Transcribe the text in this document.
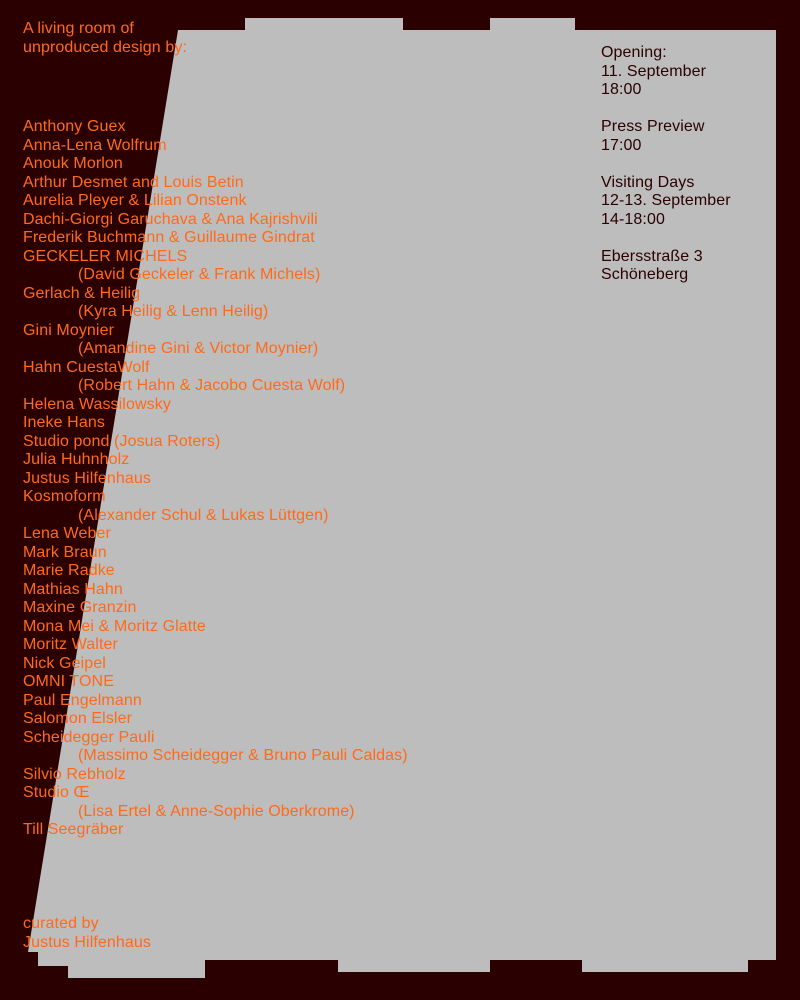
A living room of
unproduced design by:
Anthony Guex
Anna-Lena Wolfrum
Anouk Morlon
Arthur Desmet and Louis Betin
Aurelia Pleyer & Lilian Onstenk
Dachi-Giorgi Garuchava & Ana Kajrishvili
Frederik Buchmann & Guillaume Gindrat
GECKELER MICHELS
(David Geckeler & Frank Michels)
Gerlach & Heilig
(Kyra Heilig & Lenn Heilig)
Gini Moynier
(Amandine Gini & Victor Moynier)
Hahn CuestaWolf
(Robert Hahn & Jacobo Cuesta Wolf)
Helena Wassilowsky
Ineke Hans
Studio pond (Josua Roters)
Julia Huhnholz
Justus Hilfenhaus
Kosmoform
(Alexander Schul & Lukas Lüttgen)
Lena Weber
Mark Braun
Marie Radke
Mathias Hahn
Maxine Granzin
Mona Mei & Moritz Glatte
Moritz Walter
Nick Geipel
OMNI TONE
Paul Engelmann
Salomon Elsler
Scheidegger Pauli
(Massimo Scheidegger & Bruno Pauli Caldas)
Silvio Rebholz
Studio Œ
(Lisa Ertel & Anne-Sophie Oberkrome)
Till Seegräber
Opening:
11. September
18:00
Press Preview
17:00
Visiting Days
12-13. September
14-18:00
Ebersstraße 3
Schöneberg
curated by
Justus Hilfenhaus
